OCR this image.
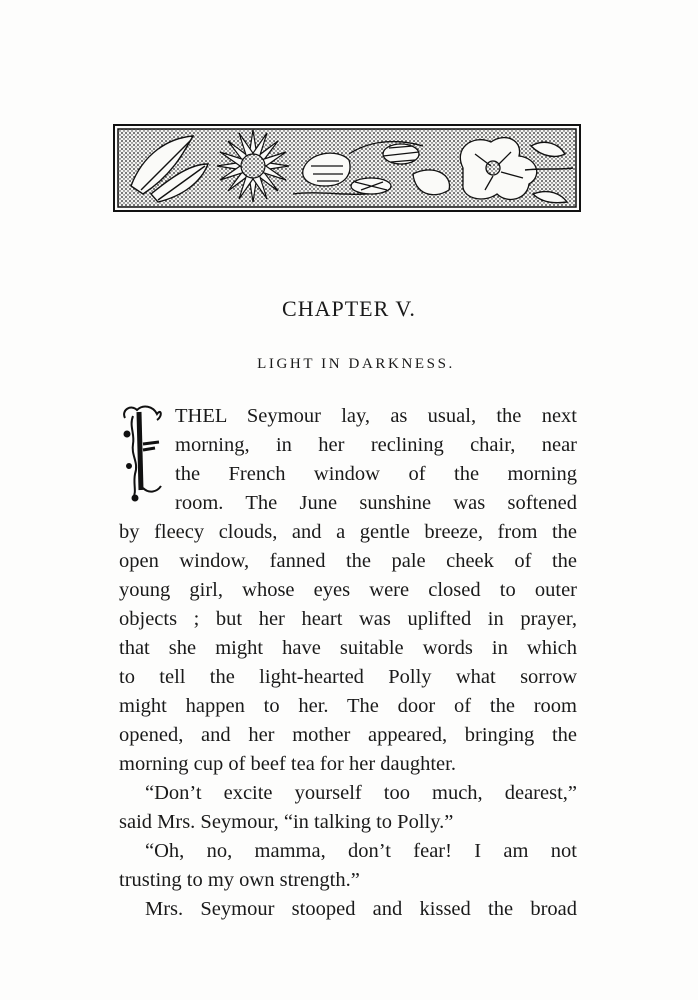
CHAPTER V.
LIGHT IN DARKNESS.
THEL Seymour lay, as usual, the next
morning, in her reclining chair, near
the French window of the morning
room. The June sunshine was softened
by fleecy clouds, and a gentle breeze, from the
open window, fanned the pale cheek of the
young girl, whose eyes were closed to outer
objects ; but her heart was uplifted in prayer,
that she might have suitable words in which
to tell the light-hearted Polly what sorrow
might happen to her. The door of the room
opened, and her mother appeared, bringing the
morning cup of beef tea for her daughter.
“Don’t excite yourself too much, dearest,”
said Mrs. Seymour, “in talking to Polly.”
“Oh, no, mamma, don’t fear! I am not
trusting to my own strength.”
Mrs. Seymour stooped and kissed the broad
